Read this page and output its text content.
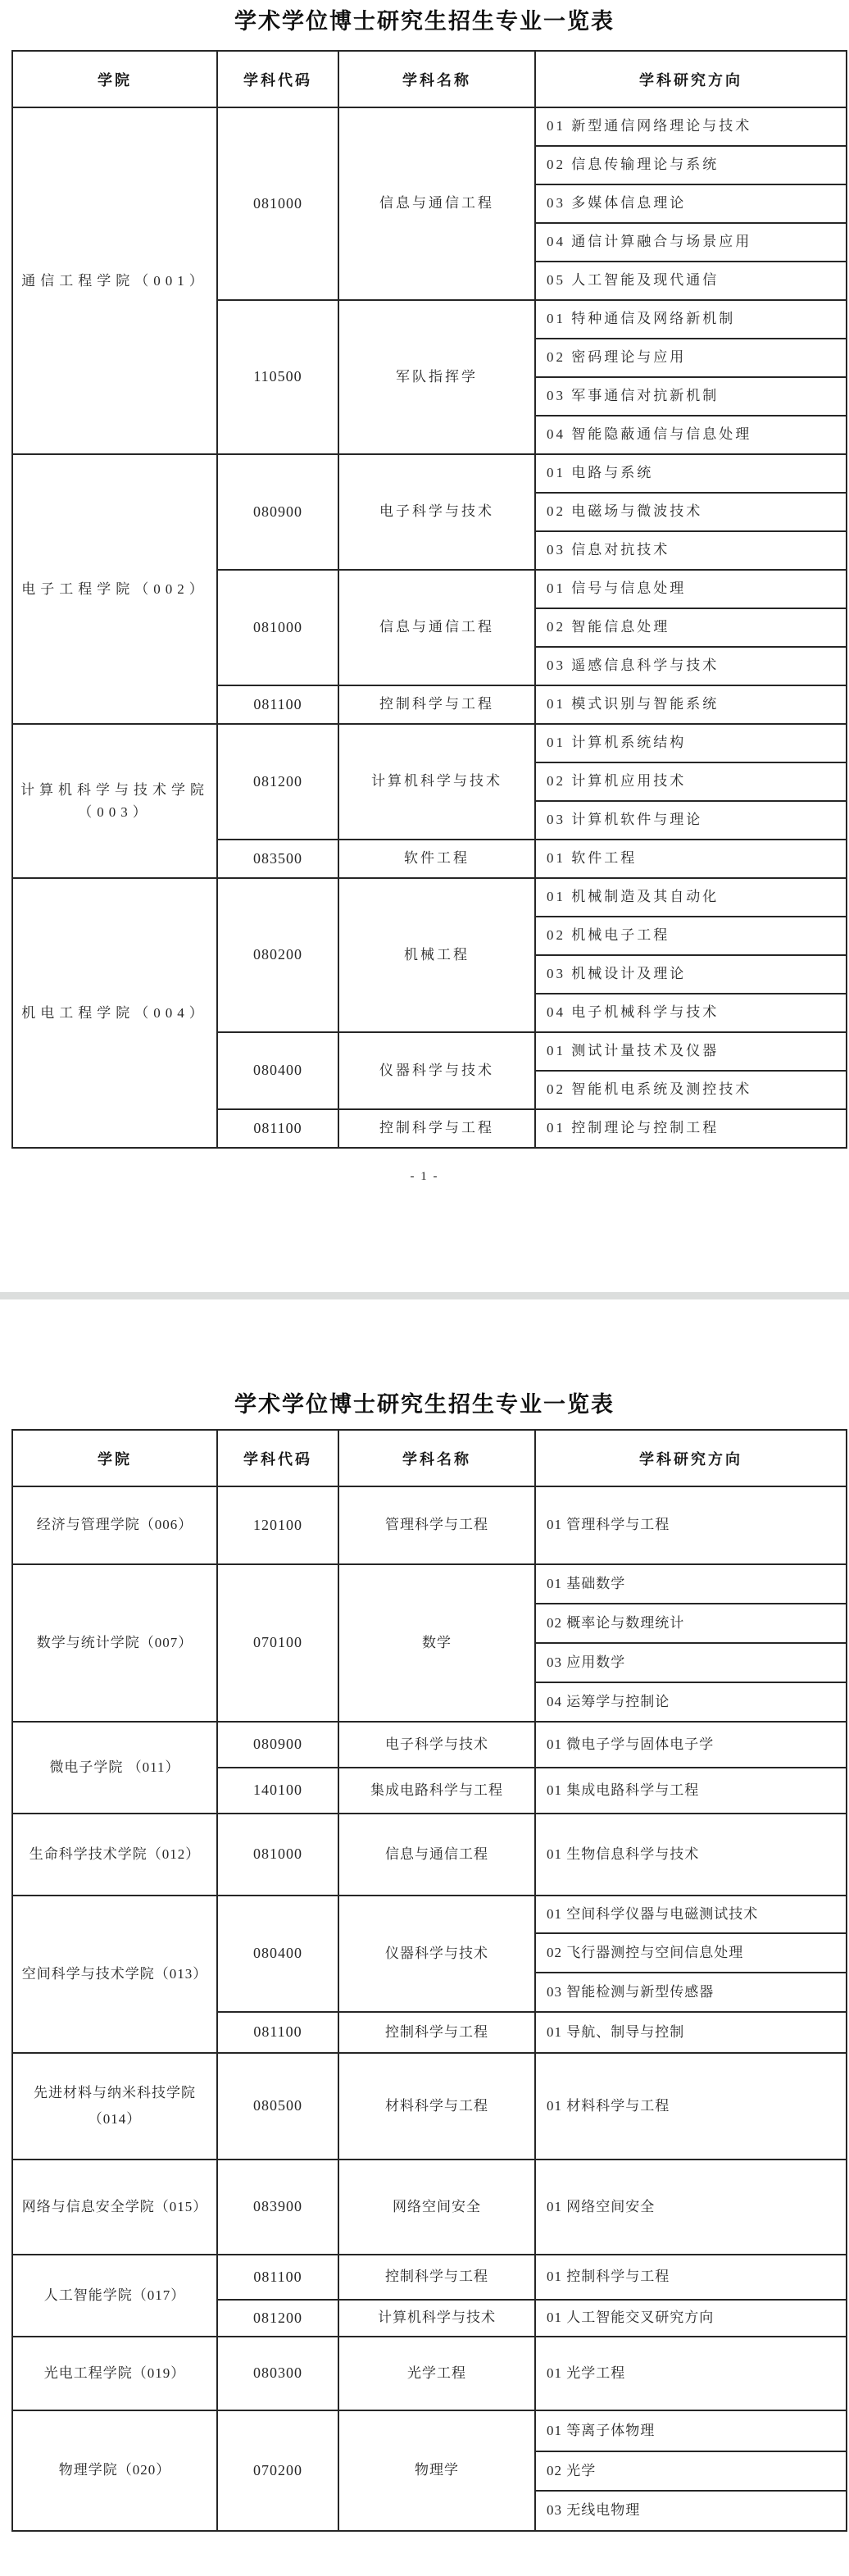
学术学位博士研究生招生专业一览表
学院	学科代码	学科名称	学科研究方向
通信工程学院（001）	081000	信息与通信工程	01 新型通信网络理论与技术
			02 信息传输理论与系统
			03 多媒体信息理论
			04 通信计算融合与场景应用
			05 人工智能及现代通信
	110500	军队指挥学	01 特种通信及网络新机制
			02 密码理论与应用
			03 军事通信对抗新机制
			04 智能隐蔽通信与信息处理
电子工程学院（002）	080900	电子科学与技术	01 电路与系统
			02 电磁场与微波技术
			03 信息对抗技术
	081000	信息与通信工程	01 信号与信息处理
			02 智能信息处理
			03 遥感信息科学与技术
	081100	控制科学与工程	01 模式识别与智能系统
计算机科学与技术学院（003）	081200	计算机科学与技术	01 计算机系统结构
			02 计算机应用技术
			03 计算机软件与理论
	083500	软件工程	01 软件工程
机电工程学院（004）	080200	机械工程	01 机械制造及其自动化
			02 机械电子工程
			03 机械设计及理论
			04 电子机械科学与技术
	080400	仪器科学与技术	01 测试计量技术及仪器
			02 智能机电系统及测控技术
	081100	控制科学与工程	01 控制理论与控制工程
- 1 -
学术学位博士研究生招生专业一览表
学院	学科代码	学科名称	学科研究方向
经济与管理学院（006）	120100	管理科学与工程	01 管理科学与工程
数学与统计学院（007）	070100	数学	01 基础数学
			02 概率论与数理统计
			03 应用数学
			04 运筹学与控制论
微电子学院 （011）	080900	电子科学与技术	01 微电子学与固体电子学
	140100	集成电路科学与工程	01 集成电路科学与工程
生命科学技术学院（012）	081000	信息与通信工程	01 生物信息科学与技术
空间科学与技术学院（013）	080400	仪器科学与技术	01 空间科学仪器与电磁测试技术
			02 飞行器测控与空间信息处理
			03 智能检测与新型传感器
	081100	控制科学与工程	01 导航、制导与控制
先进材料与纳米科技学院（014）	080500	材料科学与工程	01 材料科学与工程
网络与信息安全学院（015）	083900	网络空间安全	01 网络空间安全
人工智能学院（017）	081100	控制科学与工程	01 控制科学与工程
	081200	计算机科学与技术	01 人工智能交叉研究方向
光电工程学院（019）	080300	光学工程	01 光学工程
物理学院（020）	070200	物理学	01 等离子体物理
			02 光学
			03 无线电物理
